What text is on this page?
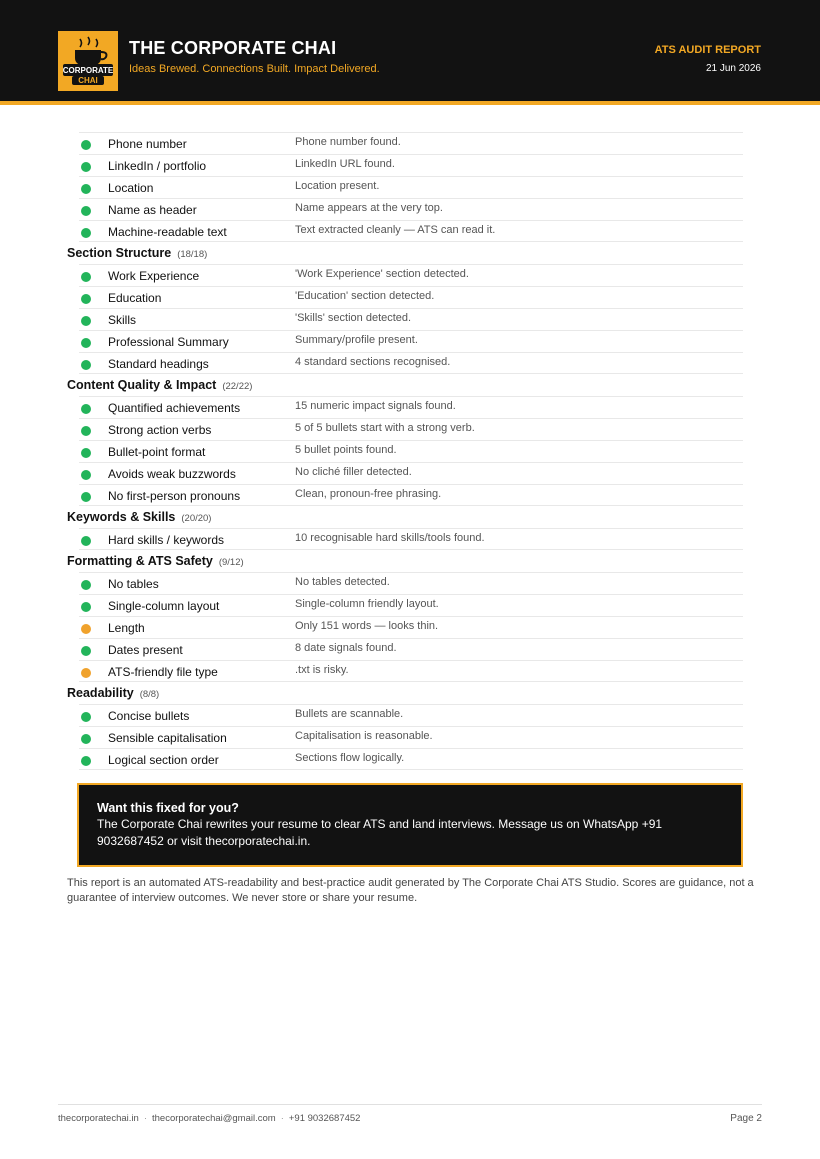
CORPORATE
CHAI
THE CORPORATE CHAI
Ideas Brewed. Connections Built. Impact Delivered.
ATS AUDIT REPORT
21 Jun 2026
Phone number	Phone number found.
LinkedIn / portfolio	LinkedIn URL found.
Location	Location present.
Name as header	Name appears at the very top.
Machine-readable text	Text extracted cleanly — ATS can read it.
Section Structure (18/18)
Work Experience	'Work Experience' section detected.
Education	'Education' section detected.
Skills	'Skills' section detected.
Professional Summary	Summary/profile present.
Standard headings	4 standard sections recognised.
Content Quality & Impact (22/22)
Quantified achievements	15 numeric impact signals found.
Strong action verbs	5 of 5 bullets start with a strong verb.
Bullet-point format	5 bullet points found.
Avoids weak buzzwords	No cliché filler detected.
No first-person pronouns	Clean, pronoun-free phrasing.
Keywords & Skills (20/20)
Hard skills / keywords	10 recognisable hard skills/tools found.
Formatting & ATS Safety (9/12)
No tables	No tables detected.
Single-column layout	Single-column friendly layout.
Length	Only 151 words — looks thin.
Dates present	8 date signals found.
ATS-friendly file type	.txt is risky.
Readability (8/8)
Concise bullets	Bullets are scannable.
Sensible capitalisation	Capitalisation is reasonable.
Logical section order	Sections flow logically.
Want this fixed for you?
The Corporate Chai rewrites your resume to clear ATS and land interviews. Message us on WhatsApp +91 9032687452 or visit thecorporatechai.in.
This report is an automated ATS-readability and best-practice audit generated by The Corporate Chai ATS Studio. Scores are guidance, not a guarantee of interview outcomes. We never store or share your resume.
thecorporatechai.in · thecorporatechai@gmail.com · +91 9032687452	Page 2
